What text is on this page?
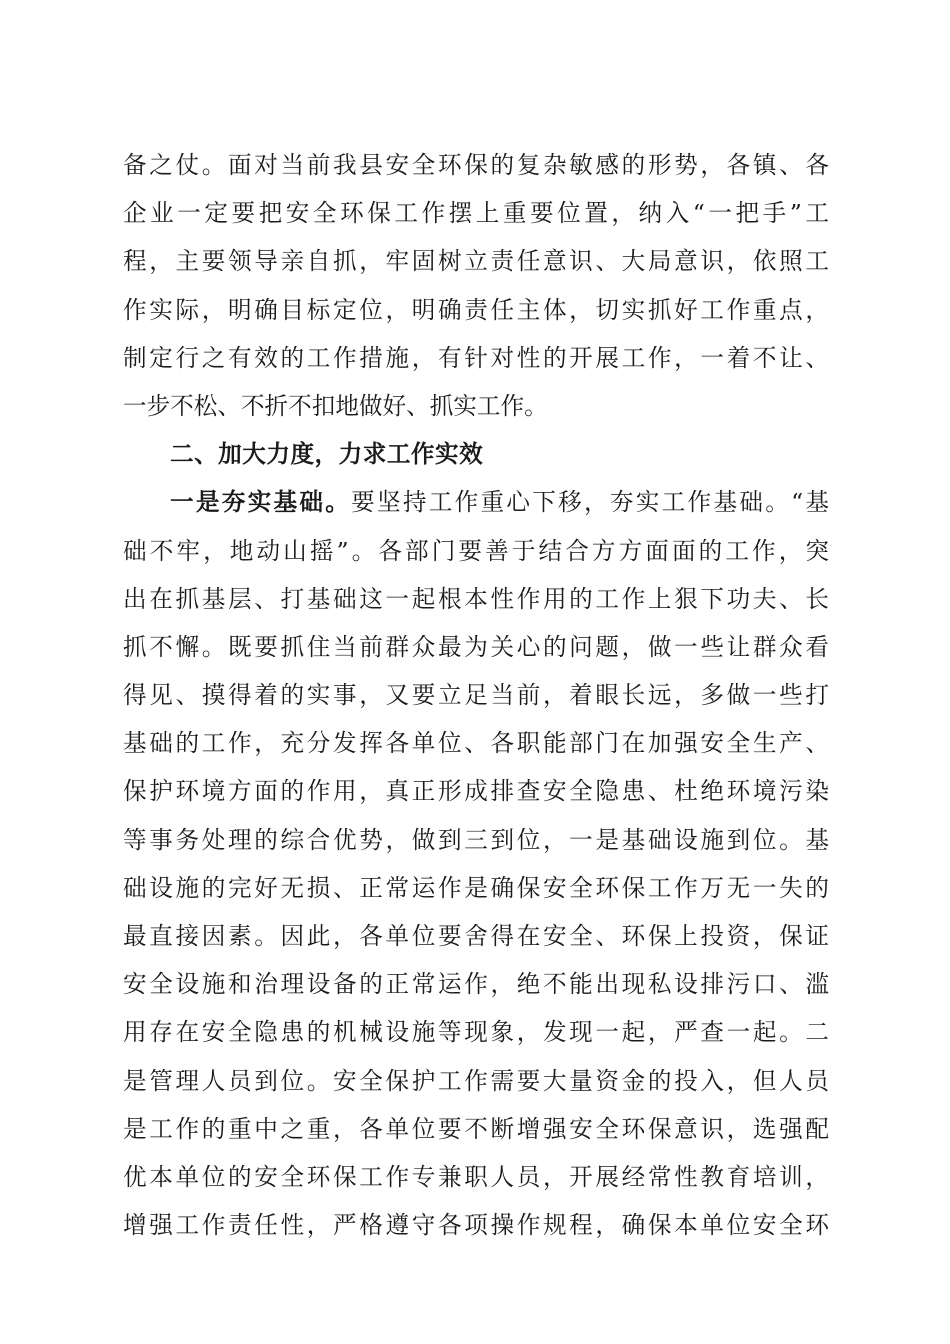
备之仗。面对当前我县安全环保的复杂敏感的形势，各镇、各
企业一定要把安全环保工作摆上重要位置，纳入“一把手”工
程，主要领导亲自抓，牢固树立责任意识、大局意识，依照工
作实际，明确目标定位，明确责任主体，切实抓好工作重点，
制定行之有效的工作措施，有针对性的开展工作，一着不让、
一步不松、不折不扣地做好、抓实工作。
二、加大力度，力求工作实效
一是夯实基础。要坚持工作重心下移，夯实工作基础。“基
础不牢，地动山摇”。各部门要善于结合方方面面的工作，突
出在抓基层、打基础这一起根本性作用的工作上狠下功夫、长
抓不懈。既要抓住当前群众最为关心的问题，做一些让群众看
得见、摸得着的实事，又要立足当前，着眼长远，多做一些打
基础的工作，充分发挥各单位、各职能部门在加强安全生产、
保护环境方面的作用，真正形成排查安全隐患、杜绝环境污染
等事务处理的综合优势，做到三到位，一是基础设施到位。基
础设施的完好无损、正常运作是确保安全环保工作万无一失的
最直接因素。因此，各单位要舍得在安全、环保上投资，保证
安全设施和治理设备的正常运作，绝不能出现私设排污口、滥
用存在安全隐患的机械设施等现象，发现一起，严查一起。二
是管理人员到位。安全保护工作需要大量资金的投入，但人员
是工作的重中之重，各单位要不断增强安全环保意识，选强配
优本单位的安全环保工作专兼职人员，开展经常性教育培训，
增强工作责任性，严格遵守各项操作规程，确保本单位安全环
